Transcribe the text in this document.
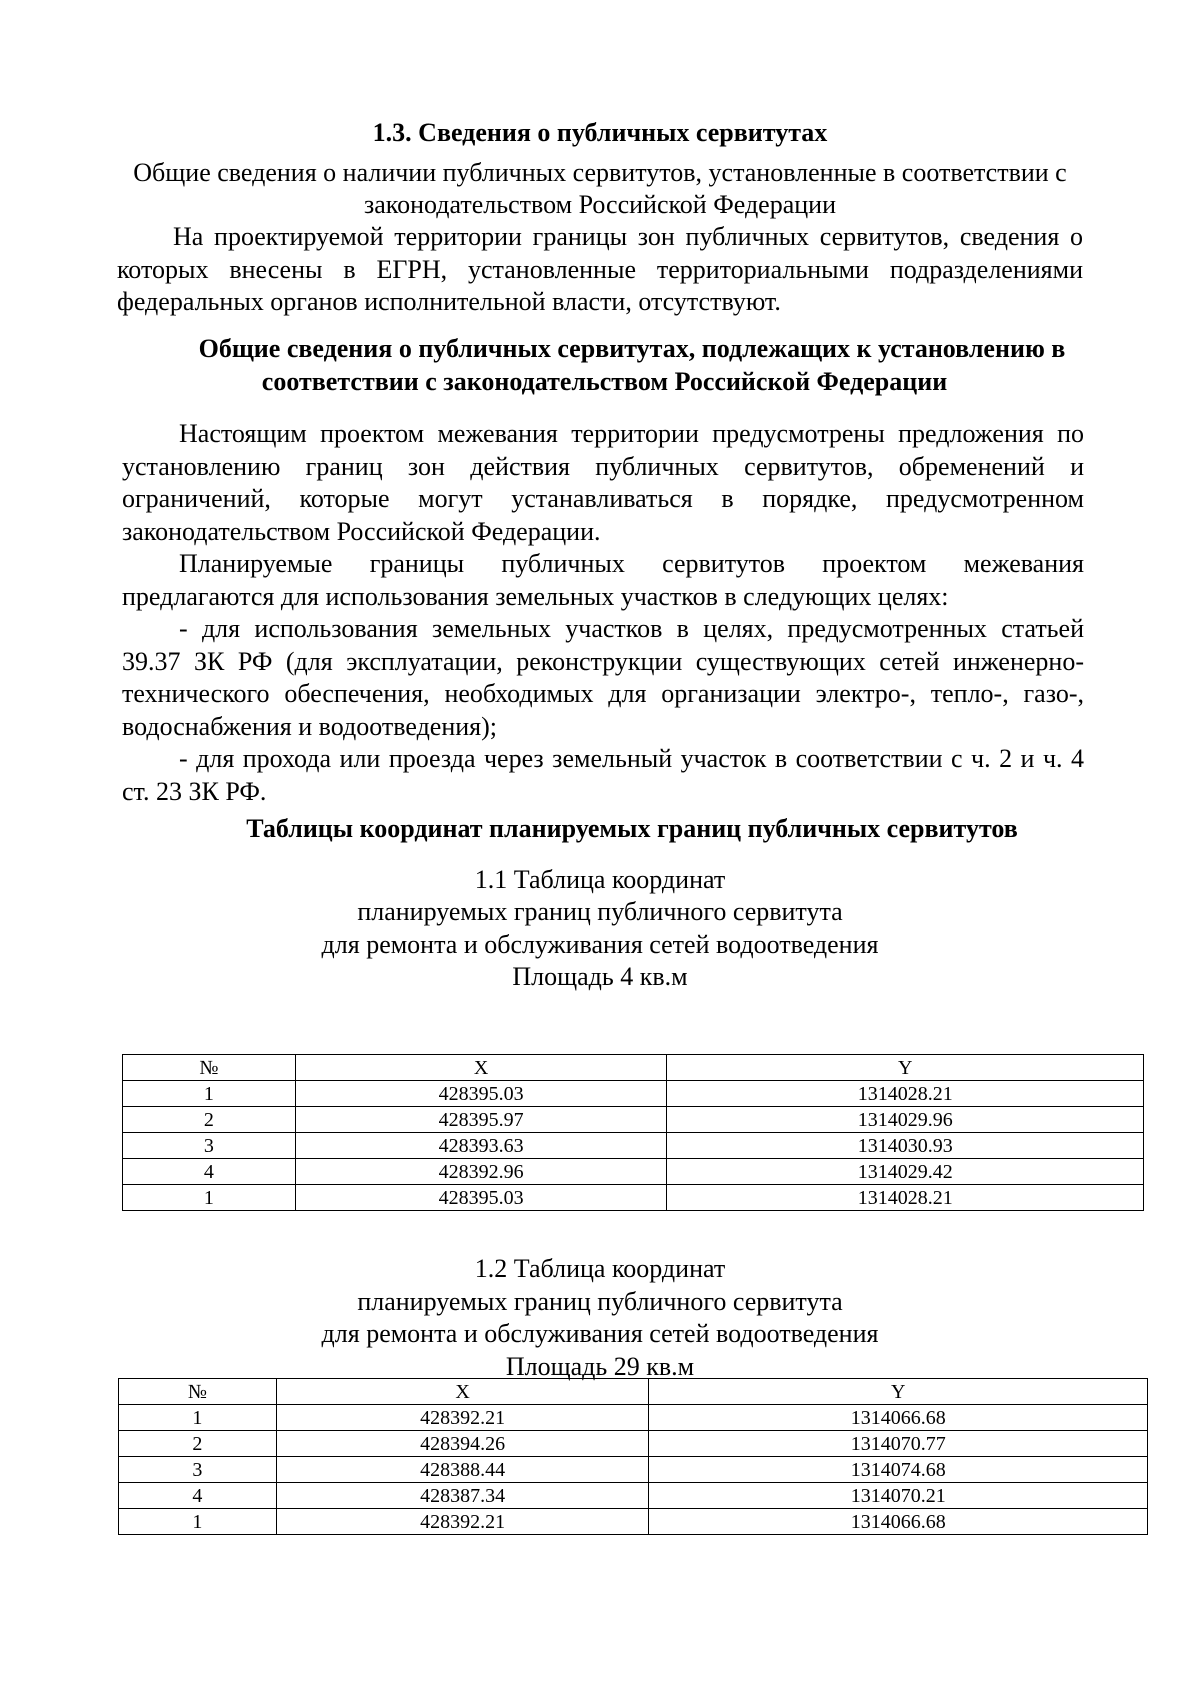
1.3. Сведения о публичных сервитутах

Общие сведения о наличии публичных сервитутов, установленные в соответствии с

законодательством Российской Федерации

На проектируемой территории границы зон публичных сервитутов, сведения о которых внесены в ЕГРН, установленные территориальными подразделениями федеральных органов исполнительной власти, отсутствуют.

Общие сведения о публичных сервитутах, подлежащих к установлению в

соответствии с законодательством Российской Федерации

Настоящим проектом межевания территории предусмотрены предложения по установлению границ зон действия публичных сервитутов, обременений и ограничений, которые могут устанавливаться в порядке, предусмотренном законодательством Российской Федерации.

Планируемые границы публичных сервитутов проектом межевания предлагаются для использования земельных участков в следующих целях:

- для использования земельных участков в целях, предусмотренных статьей 39.37 ЗК РФ (для эксплуатации, реконструкции существующих сетей инженерно-технического обеспечения, необходимых для организации электро-, тепло-, газо-, водоснабжения и водоотведения);

- для прохода или проезда через земельный участок в соответствии с ч. 2 и ч. 4 ст. 23 ЗК РФ.

Таблицы координат планируемых границ публичных сервитутов

1.1 Таблица координат

планируемых границ публичного сервитута

для ремонта и обслуживания сетей водоотведения

Площадь 4 кв.м

№	X	Y
1	428395.03	1314028.21
2	428395.97	1314029.96
3	428393.63	1314030.93
4	428392.96	1314029.42
1	428395.03	1314028.21

1.2 Таблица координат

планируемых границ публичного сервитута

для ремонта и обслуживания сетей водоотведения

Площадь 29 кв.м

№	X	Y
1	428392.21	1314066.68
2	428394.26	1314070.77
3	428388.44	1314074.68
4	428387.34	1314070.21
1	428392.21	1314066.68
